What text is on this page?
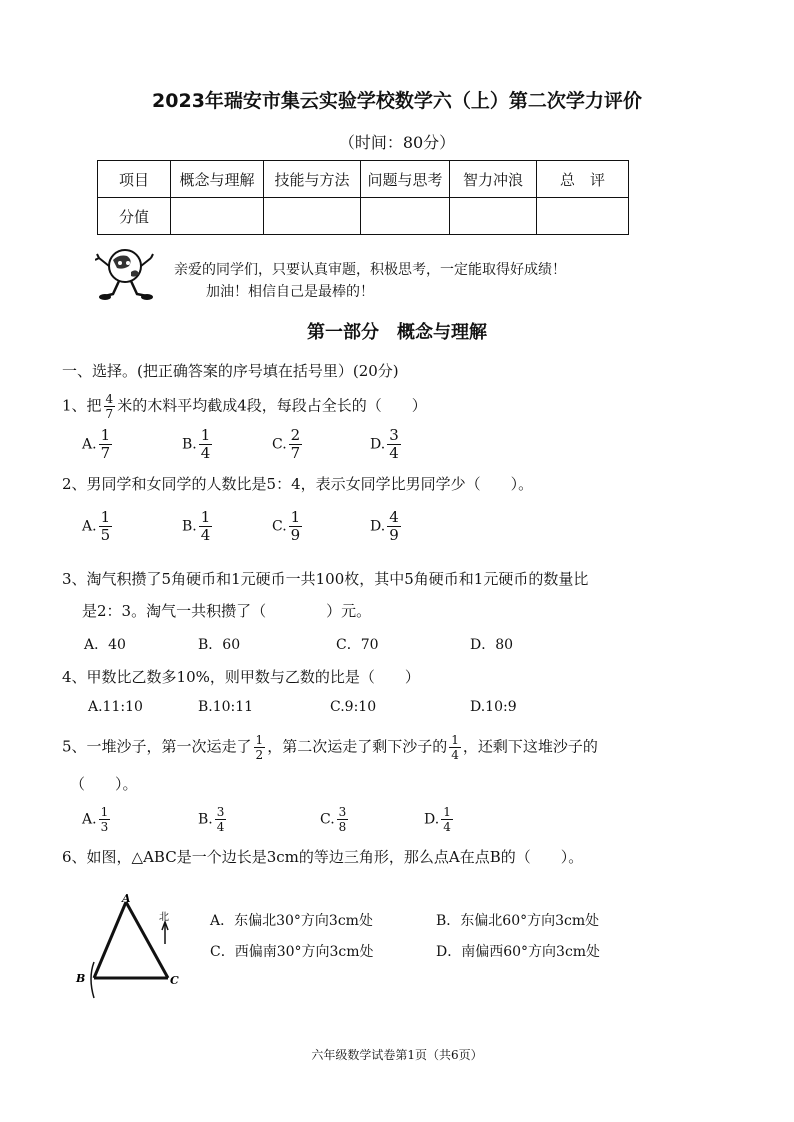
2023年瑞安市集云实验学校数学六（上）第二次学力评价
（时间：80分）
项目	概念与理解	技能与方法	问题与思考	智力冲浪	总　评
分值					
亲爱的同学们，只要认真审题，积极思考，一定能取得好成绩！
加油！相信自己是最棒的！
第一部分　概念与理解
一、选择。(把正确答案的序号填在括号里）(20分)
1、把 $\frac{4}{7}$ 米的木料平均截成4段，每段占全长的（　　）
A. $\frac{1}{7}$	B. $\frac{1}{4}$	C. $\frac{2}{7}$	D. $\frac{3}{4}$
2、男同学和女同学的人数比是5：4，表示女同学比男同学少（　　）。
A. $\frac{1}{5}$	B. $\frac{1}{4}$	C. $\frac{1}{9}$	D. $\frac{4}{9}$
3、淘气积攒了5角硬币和1元硬币一共100枚，其中5角硬币和1元硬币的数量比
是2：3。淘气一共积攒了（　　　　）元。
A．40	B．60	C．70	D．80
4、甲数比乙数多10%，则甲数与乙数的比是（　　）
A.11:10	B.10:11	C.9:10	D.10:9
5、一堆沙子，第一次运走了 $\frac{1}{2}$ ，第二次运走了剩下沙子的 $\frac{1}{4}$ ，还剩下这堆沙子的
（　　）。
A. $\frac{1}{3}$	B. $\frac{3}{4}$	C. $\frac{3}{8}$	D. $\frac{1}{4}$
6、如图，△ABC是一个边长是3cm的等边三角形，那么点A在点B的（　　）。
A
B	C
北	A．东偏北30°方向3cm处	B．东偏北60°方向3cm处
C．西偏南30°方向3cm处	D．南偏西60°方向3cm处
六年级数学试卷第1页（共6页）
